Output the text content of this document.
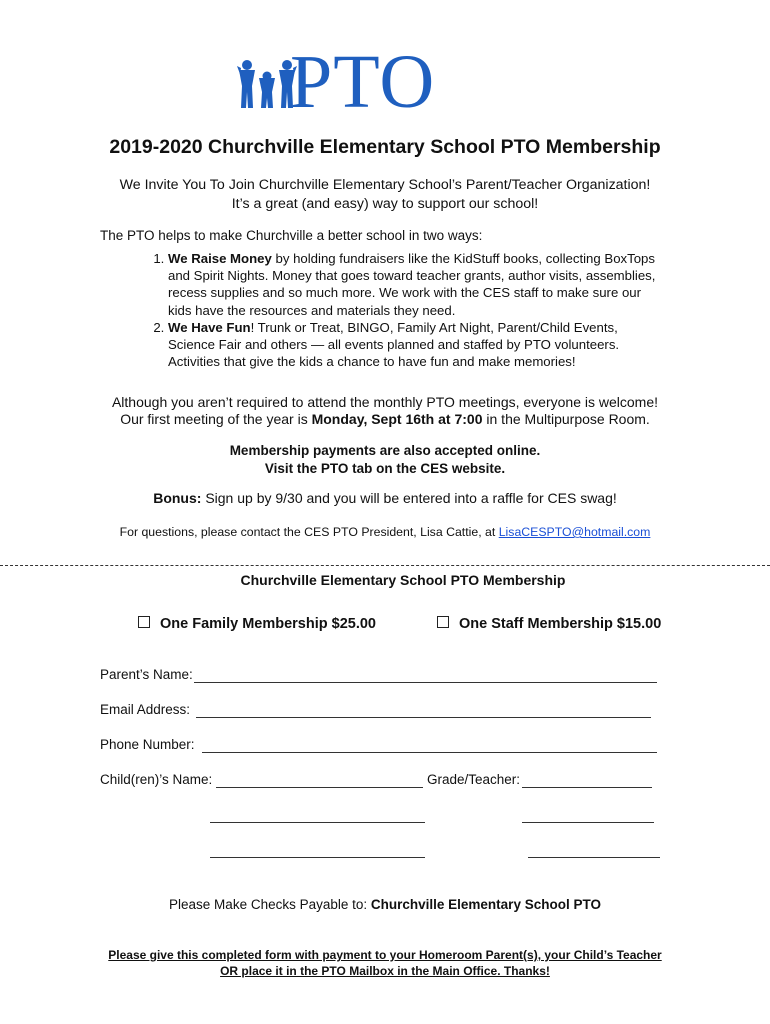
PTO
2019-2020 Churchville Elementary School PTO Membership
We Invite You To Join Churchville Elementary School’s Parent/Teacher Organization!
It’s a great (and easy) way to support our school!
The PTO helps to make Churchville a better school in two ways:
1. We Raise Money by holding fundraisers like the KidStuff books, collecting BoxTops and Spirit Nights. Money that goes toward teacher grants, author visits, assemblies, recess supplies and so much more. We work with the CES staff to make sure our kids have the resources and materials they need.
2. We Have Fun! Trunk or Treat, BINGO, Family Art Night, Parent/Child Events, Science Fair and others — all events planned and staffed by PTO volunteers. Activities that give the kids a chance to have fun and make memories!
Although you aren’t required to attend the monthly PTO meetings, everyone is welcome!
Our first meeting of the year is Monday, Sept 16th at 7:00 in the Multipurpose Room.
Membership payments are also accepted online.
Visit the PTO tab on the CES website.
Bonus: Sign up by 9/30 and you will be entered into a raffle for CES swag!
For questions, please contact the CES PTO President, Lisa Cattie, at LisaCESPTO@hotmail.com
Churchville Elementary School PTO Membership
One Family Membership $25.00	One Staff Membership $15.00
Parent’s Name:
Email Address:
Phone Number:
Child(ren)’s Name:	Grade/Teacher:
Please Make Checks Payable to: Churchville Elementary School PTO
Please give this completed form with payment to your Homeroom Parent(s), your Child’s Teacher
OR place it in the PTO Mailbox in the Main Office. Thanks!
